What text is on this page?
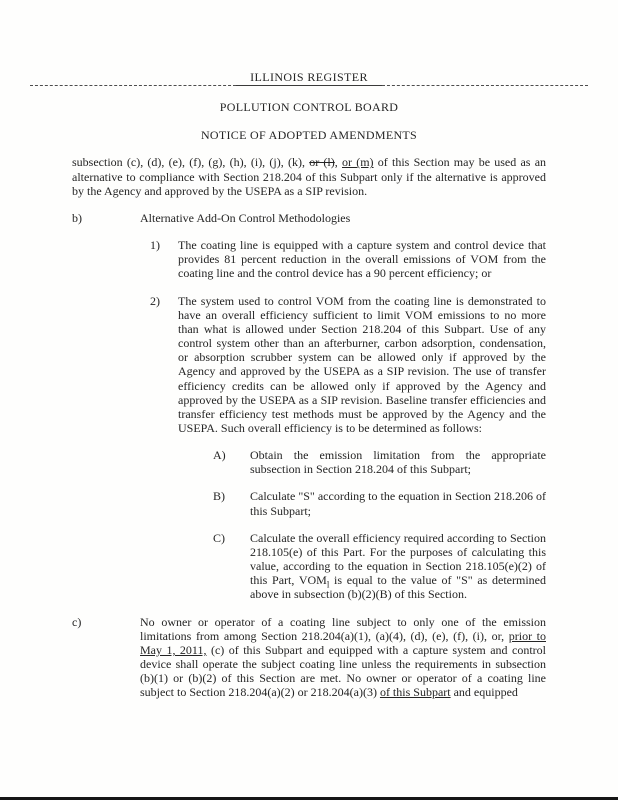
ILLINOIS REGISTER
POLLUTION CONTROL BOARD
NOTICE OF ADOPTED AMENDMENTS
subsection (c), (d), (e), (f), (g), (h), (i), (j), (k), or (l), or (m) of this Section may be used as an alternative to compliance with Section 218.204 of this Subpart only if the alternative is approved by the Agency and approved by the USEPA as a SIP revision.
b)	Alternative Add-On Control Methodologies
1)	The coating line is equipped with a capture system and control device that provides 81 percent reduction in the overall emissions of VOM from the coating line and the control device has a 90 percent efficiency; or
2)	The system used to control VOM from the coating line is demonstrated to have an overall efficiency sufficient to limit VOM emissions to no more than what is allowed under Section 218.204 of this Subpart. Use of any control system other than an afterburner, carbon adsorption, condensation, or absorption scrubber system can be allowed only if approved by the Agency and approved by the USEPA as a SIP revision. The use of transfer efficiency credits can be allowed only if approved by the Agency and approved by the USEPA as a SIP revision. Baseline transfer efficiencies and transfer efficiency test methods must be approved by the Agency and the USEPA. Such overall efficiency is to be determined as follows:
A)	Obtain the emission limitation from the appropriate subsection in Section 218.204 of this Subpart;
B)	Calculate "S" according to the equation in Section 218.206 of this Subpart;
C)	Calculate the overall efficiency required according to Section 218.105(e) of this Part. For the purposes of calculating this value, according to the equation in Section 218.105(e)(2) of this Part, $VOM_l$ is equal to the value of "S" as determined above in subsection (b)(2)(B) of this Section.
c)	No owner or operator of a coating line subject to only one of the emission limitations from among Section 218.204(a)(1), (a)(4), (d), (e), (f), (i), or, prior to May 1, 2011, (c) of this Subpart and equipped with a capture system and control device shall operate the subject coating line unless the requirements in subsection (b)(1) or (b)(2) of this Section are met. No owner or operator of a coating line subject to Section 218.204(a)(2) or 218.204(a)(3) of this Subpart and equipped
